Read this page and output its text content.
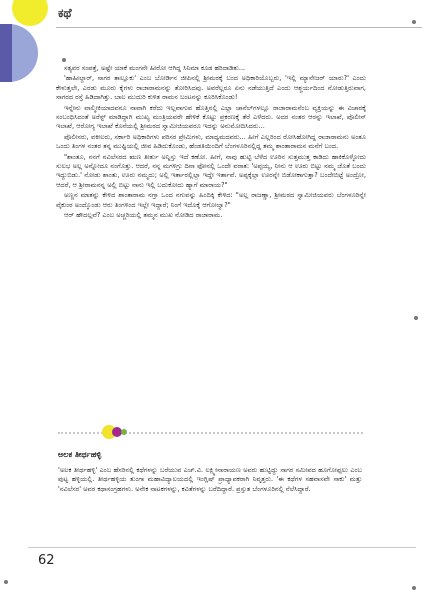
ಕಥೆ

ಸತ್ಯವರ ಸಂಪತ್ತೆ, ಅಷ್ಟೇ ಯಾಕೆ ಮಂಗನೇ ಹೀರೋ ಆಗಿದ್ದ ಸಿನಿಮಾ ಕೂಡ ಹರಿದಾಡಿತು...

'ಹಾಹೀಲ್ದಾರ್, ಸಾಗರ ತಾಲ್ಲೂಕು' ಎಂಬ ಬೋರ್ಡಿನ ಜೀಪಿನಲ್ಲಿ ಶ್ರೀಮಠಕ್ಕೆ ಬಂದ ಅಧಿಕಾರಿಯೊಬ್ಬರು, 'ಇಲ್ಲಿ ಮ್ಯಾನೇಜರ್ ಯಾರು?' ಎಂದು ಕೇಳುತ್ತಲೇ, ಎರಡು ಮೂರು ಕೈಗಳು ರಾಜಾರಾಮನನ್ನು ತೋರಿಸಿದವು. ಅವರೆಲ್ಲರೂ ಏನು ನಡೆಯುತ್ತಿದೆ ಎಂದು ಆಶ್ಚರ್ಯದಿಂದ ನೋಡುತ್ತಿರುವಾಗ, ಸಾಗರದ ರಸ್ತೆ ಹಿಡಿದಾಗಿತ್ತು. ಬಾಲ ಮುದುರಿ ಕುಳಿತ ರಾಮನ ಬಂಟನನ್ನು ಕೂರಿಸಿಕೊಂಡು!

ಇನ್ನೇನು ವಾಲ್ಮೀಕಿಯಾದವನೂ ನಾವಾಗಿ ಕರೆದು ಇಲ್ಲವಾಗುವ ಹೊತ್ತಿನಲ್ಲಿ ಎಲ್ಲಾ ಚಾನೆಲ್‌ಗಳಲ್ಲೂ ರಾಜಾರಾಮನೆಂಬ ವ್ಯಕ್ತಿಯನ್ನು ಈ ವಿಚಾರಕ್ಕೆ ಸಂಬಂಧಿಸಿದಂತೆ ಅರೆಸ್ಟ್ ಮಾಡಿದ್ದಾಗಿ ಮುಖ್ಯ ಮಂತ್ರಿಯವರೇ ಹೇಳಿಕೆ ಕೊಟ್ಟು ಪ್ರಕರಣಕ್ಕೆ ತೆರೆ ಎಳೆದರು. ಅದರ ನಂತರ ಆರನ್ನು ಇಲಾಖೆ, ಪೊಲೀಸ್ ಇಲಾಖೆ, ಆರೋಗ್ಯ ಇಲಾಖೆ ಕೊನೆಯಲ್ಲಿ ಶ್ರೀಮಠದ ಸ್ವಾಮೀಜಿಯವರೂ ಇದನ್ನು ಅನುಮೋದಿಸಿದರು...

ಪೊಲೀಸರು, ವಕೀಲರು, ಸರ್ಕಾರಿ ಅಧಿಕಾರಿಗಳು ಪರಿಸರ ಪ್ರೇಮಿಗಳು, ಮಾಧ್ಯಮದವರು... ಹೀಗೆ ಎಲ್ಲರಿಂದ ರೋಸಿಹೋಗಿದ್ದ ರಾಜಾರಾಮನು ಅಂತೂ ಒಂದು ತಿಂಗಳ ನಂತರ ತನ್ನ ಮುಷ್ಟಿಯಲ್ಲಿ ಜೀವ ಹಿಡಿದುಕೊಂಡು, ಹೆಂಡತಿಯಿಂದಿಗೆ ಬೆಂಗಳೂರಿನಲ್ಲಿದ್ದ ತಮ್ಮ ಶಾಂತಾರಾಮನ ಮನೆಗೆ ಬಂದ.

"ಶಾಂತೂ, ನನಗೆ ನವಿಲೆಸರದ ಋಣ ತೀರ್ತು ಅನ್ನಿಸ್ತು ಇದೆ ಕಣೋ. ಹೀಗೆ, ನಾವು ಹುಟ್ಟಿ ಬೆಳೆದ ಊರಿನ ಸುತ್ತಮುತ್ತ ಕಾಡಿದು ಹಾಕಿಕೊಳ್ಳೋದು ಸುಲಭ ಅಲ್ಲ ಅನ್ನೋದೂ ನಂಗೊತ್ತು. ಆದರೆ, ನನ್ನ ಮಗಳಿಗ್ರು ದಿನಾ ಫೋನಲ್ಲಿ ಒಂದೇ ವರಾತ: 'ಅಪ್ಪಯ್ಯ, ನೀನು ಆ ಊರು ಬಿಟ್ಟು ನಮ್ಮ ಜೊತೆ ಬಂದು ಇದ್ದುಬಿಡು.' ನೋಡು ಶಾಂತು, ಊರು ನಮ್ಮದು; ಅಲ್ಲಿ ಇರ್ತಾರಲ್ಲಿಲ್ಲಾ ಇದ್ದೇ ಇರ್ತಾವೆ. ಅಪ್ಪಕ್ಕೆಲ್ಲಾ ಊರನ್ನೇ ಬಿಡೋಕಾಗುತ್ತಾ? ಬಂದೇಬಿಟ್ಟೆ ಅಂದ್ರೋ, ಆದರೆ, ಆ ಶ್ರೀರಾಮನನ್ನ ಅಲ್ಲಿ ಬಿಟ್ಟು ನಾನು ಇಲ್ಲಿ ಬದುಕೋದು ಹ್ಯಾಗೆ ಮಾರಾಯ?"

ಅಣ್ಣನ ಮಾತನ್ನು ಕೇಳಿದ ಶಾಂತಾರಾಮ ನಗ್ತಾ ಒಂದ ನಗುವನ್ನು ಹಿಂದಿಕ್ಕಿ ಕೇಳಿದ: "ಅಲ್ಲ ರಾಜಣ್ಣಾ, ಶ್ರೀಮಠದ ಸ್ವಾಮೀಜಿಯವರು ಬೆಂಗಳೂರಿನ್ನೇ ವೈಕುಂಠ ಅಂದ್ಕೊಂಡು ಆರು ತಿಂಗಳಿಂದ ಇಲ್ಲೇ ಇದ್ದಾರೆ; ನಿಂಗೆ ಇದೊಕ್ಕೆ ಆಗೋಲ್ವಾ?"

ಆರ್ ಹೌದಲ್ಲವೆ? ಎಂಬ ಅಚ್ಚರಿಯಲ್ಲಿ ತಮ್ಮನ ಮುಖ ನೋಡಿದ ರಾಜಾರಾಮ.

ಅಲಕ ತೀರ್ಥಹಳ್ಳಿ
'ಅಲಕ ತೀರ್ಥಹಳ್ಳಿ' ಎಂಬ ಹೆಸರಿನಲ್ಲಿ ಕಥೆಗಳನ್ನು ಬರೆಯುವ ಎಚ್.ವಿ. ಲಕ್ಷ್ಮೀನಾರಾಯಣ ಅವರು ಹುಟ್ಟಿದ್ದು ಸಾಗರ ಸಮೀಪದ ಹೂಗೋಫ್ಪಲು ಎಂಬ ಪುಟ್ಟ ಹಳ್ಳಿಯಲ್ಲಿ. ತೀರ್ಥಹಳ್ಳಿಯ ತುಂಗಾ ಮಹಾವಿದ್ಯಾಲಯದಲ್ಲಿ ಇಂಗ್ಲಿಷ್ ಪ್ರಾಧ್ಯಾಪಕರಾಗಿ ನಿವೃತ್ತರು. 'ಈ ಕಥೆಗಳ ಸಹವಾಸವೇ ಸಾಕು' ಮತ್ತು 'ನವಿಲೆಸರ' ಅವರ ಕಥಾಸಂಗ್ರಹಗಳು. ಅನೇಕ ನಾಟಕಗಳನ್ನು, ಕವಿತೆಗಳನ್ನು ಬರೆದಿದ್ದಾರೆ. ಪ್ರಸ್ತುತ ಬೆಂಗಳೂರಿನಲ್ಲಿ ನೆಲೆಸಿದ್ದಾರೆ.
62
